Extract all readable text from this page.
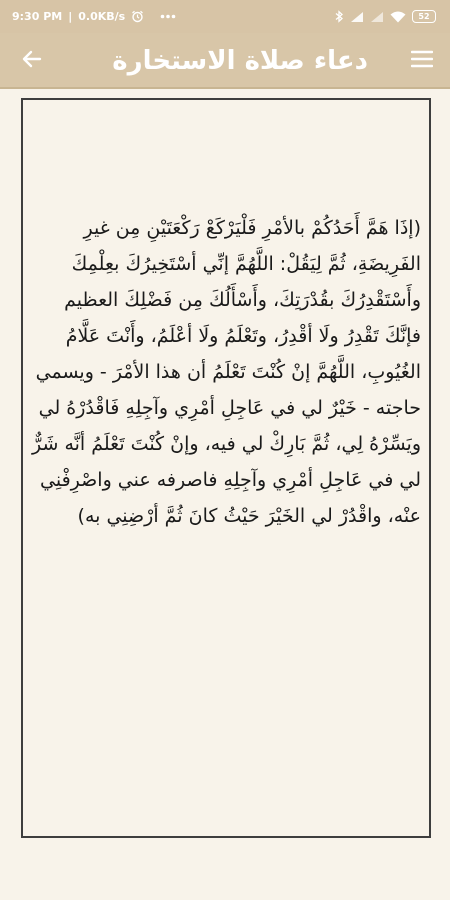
9:30 PM | 0.0KB/s	52
دعاء صلاة الاستخارة

(إذَا هَمَّ أَحَدُكُمْ بالأمْرِ فَلْيَرْكَعْ رَكْعَتَيْنِ مِن غيرِ الفَرِيضَةِ، ثُمَّ لِيَقُلْ: اللَّهُمَّ إنِّي أسْتَخِيرُكَ بعِلْمِكَ وأَسْتَقْدِرُكَ بقُدْرَتِكَ، وأَسْأَلُكَ مِن فَضْلِكَ العظيم فإنَّكَ تَقْدِرُ ولَا أقْدِرُ، وتَعْلَمُ ولَا أعْلَمُ، وأَنْتَ عَلَّامُ الغُيُوبِ، اللَّهُمَّ إنْ كُنْتَ تَعْلَمُ أن هذا الأمْرَ - ويسمي حاجته - خَيْرٌ لي في عَاجِلِ أمْرِي وآجِلِهِ فَاقْدُرْهُ لي ويَسِّرْهُ لِي، ثُمَّ بَارِكْ لي فيه، وإنْ كُنْتَ تَعْلَمُ أنَّه شَرٌّ لي في عَاجِلِ أمْرِي وآجِلِهِ فاصرفه عني واصْرِفْنِي عنْه، واقْدُرْ لي الخَيْرَ حَيْثُ كانَ ثُمَّ أرْضِنِي به)
